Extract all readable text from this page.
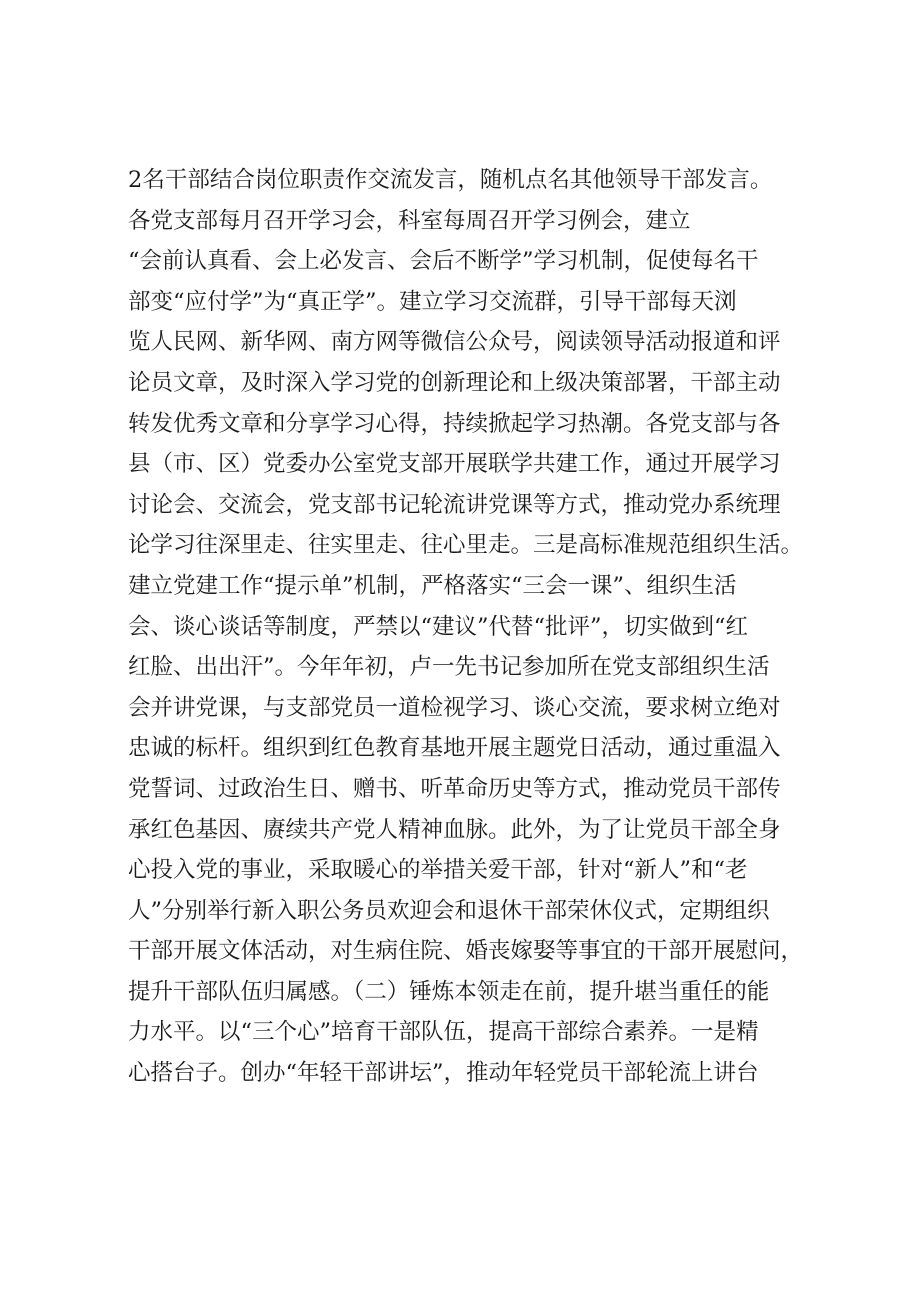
2名干部结合岗位职责作交流发言，随机点名其他领导干部发言。
各党支部每月召开学习会，科室每周召开学习例会，建立
“会前认真看、会上必发言、会后不断学”学习机制，促使每名干
部变“应付学”为“真正学”。建立学习交流群，引导干部每天浏
览人民网、新华网、南方网等微信公众号，阅读领导活动报道和评
论员文章，及时深入学习党的创新理论和上级决策部署，干部主动
转发优秀文章和分享学习心得，持续掀起学习热潮。各党支部与各
县（市、区）党委办公室党支部开展联学共建工作，通过开展学习
讨论会、交流会，党支部书记轮流讲党课等方式，推动党办系统理
论学习往深里走、往实里走、往心里走。三是高标准规范组织生活。
建立党建工作“提示单”机制，严格落实“三会一课”、组织生活
会、谈心谈话等制度，严禁以“建议”代替“批评”，切实做到“红
红脸、出出汗”。今年年初，卢一先书记参加所在党支部组织生活
会并讲党课，与支部党员一道检视学习、谈心交流，要求树立绝对
忠诚的标杆。组织到红色教育基地开展主题党日活动，通过重温入
党誓词、过政治生日、赠书、听革命历史等方式，推动党员干部传
承红色基因、赓续共产党人精神血脉。此外，为了让党员干部全身
心投入党的事业，采取暖心的举措关爱干部，针对“新人”和“老
人”分别举行新入职公务员欢迎会和退休干部荣休仪式，定期组织
干部开展文体活动，对生病住院、婚丧嫁娶等事宜的干部开展慰问，
提升干部队伍归属感。（二）锤炼本领走在前，提升堪当重任的能
力水平。以“三个心”培育干部队伍，提高干部综合素养。一是精
心搭台子。创办“年轻干部讲坛”，推动年轻党员干部轮流上讲台
